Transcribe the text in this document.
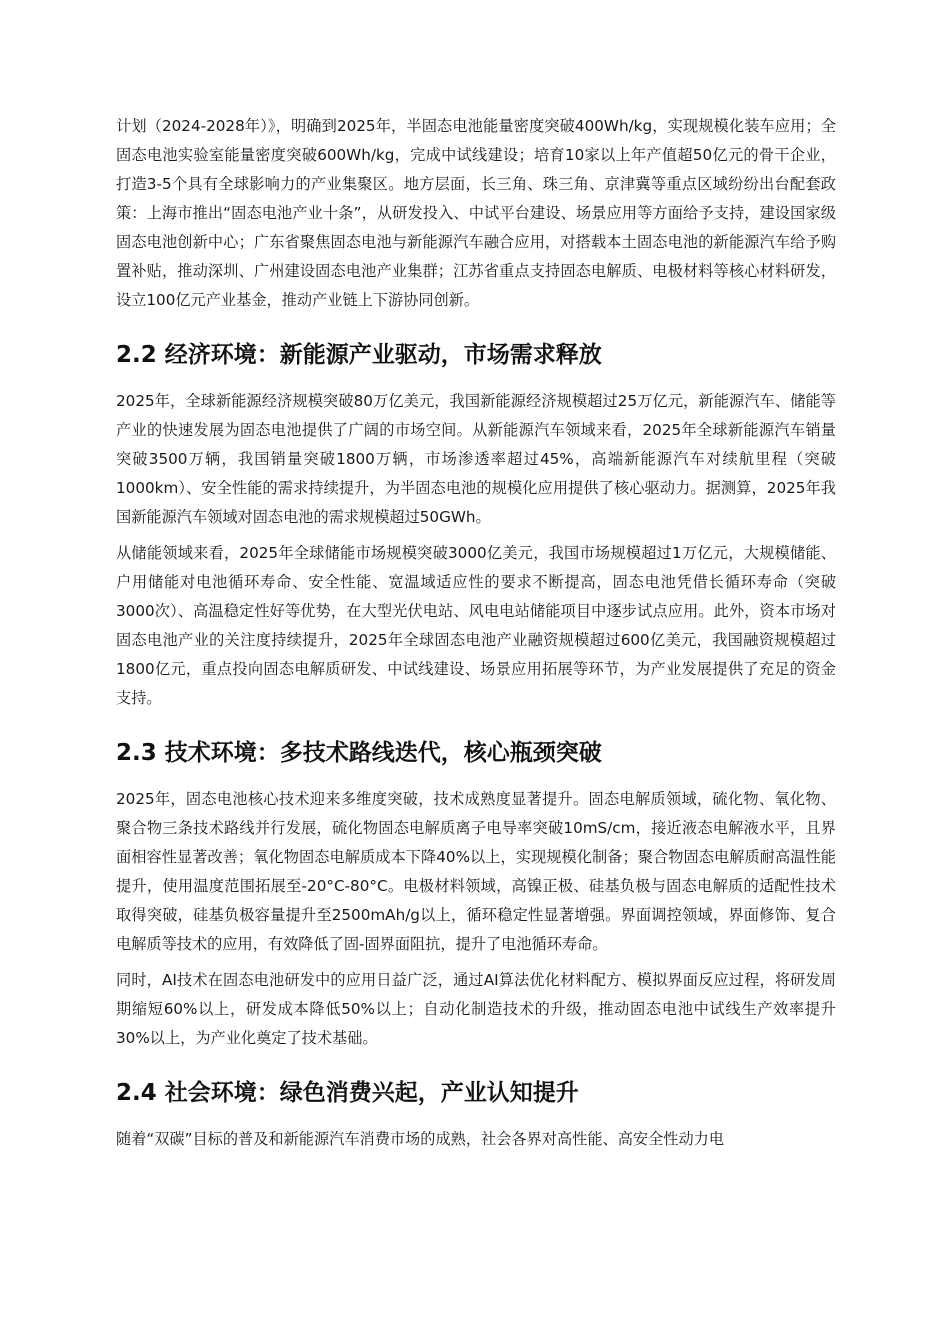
计划（2024-2028年）》，明确到2025年，半固态电池能量密度突破400Wh/kg，实现规模化装车应用；全固态电池实验室能量密度突破600Wh/kg，完成中试线建设；培育10家以上年产值超50亿元的骨干企业，打造3-5个具有全球影响力的产业集聚区。地方层面，长三角、珠三角、京津冀等重点区域纷纷出台配套政策：上海市推出“固态电池产业十条”，从研发投入、中试平台建设、场景应用等方面给予支持，建设国家级固态电池创新中心；广东省聚焦固态电池与新能源汽车融合应用，对搭载本土固态电池的新能源汽车给予购置补贴，推动深圳、广州建设固态电池产业集群；江苏省重点支持固态电解质、电极材料等核心材料研发，设立100亿元产业基金，推动产业链上下游协同创新。

2.2 经济环境：新能源产业驱动，市场需求释放

2025年，全球新能源经济规模突破80万亿美元，我国新能源经济规模超过25万亿元，新能源汽车、储能等产业的快速发展为固态电池提供了广阔的市场空间。从新能源汽车领域来看，2025年全球新能源汽车销量突破3500万辆，我国销量突破1800万辆，市场渗透率超过45%，高端新能源汽车对续航里程（突破1000km）、安全性能的需求持续提升，为半固态电池的规模化应用提供了核心驱动力。据测算，2025年我国新能源汽车领域对固态电池的需求规模超过50GWh。

从储能领域来看，2025年全球储能市场规模突破3000亿美元，我国市场规模超过1万亿元，大规模储能、户用储能对电池循环寿命、安全性能、宽温域适应性的要求不断提高，固态电池凭借长循环寿命（突破3000次）、高温稳定性好等优势，在大型光伏电站、风电电站储能项目中逐步试点应用。此外，资本市场对固态电池产业的关注度持续提升，2025年全球固态电池产业融资规模超过600亿美元，我国融资规模超过1800亿元，重点投向固态电解质研发、中试线建设、场景应用拓展等环节，为产业发展提供了充足的资金支持。

2.3 技术环境：多技术路线迭代，核心瓶颈突破

2025年，固态电池核心技术迎来多维度突破，技术成熟度显著提升。固态电解质领域，硫化物、氧化物、聚合物三条技术路线并行发展，硫化物固态电解质离子电导率突破10mS/cm，接近液态电解液水平，且界面相容性显著改善；氧化物固态电解质成本下降40%以上，实现规模化制备；聚合物固态电解质耐高温性能提升，使用温度范围拓展至-20°C-80°C。电极材料领域，高镍正极、硅基负极与固态电解质的适配性技术取得突破，硅基负极容量提升至2500mAh/g以上，循环稳定性显著增强。界面调控领域，界面修饰、复合电解质等技术的应用，有效降低了固-固界面阻抗，提升了电池循环寿命。

同时，AI技术在固态电池研发中的应用日益广泛，通过AI算法优化材料配方、模拟界面反应过程，将研发周期缩短60%以上，研发成本降低50%以上；自动化制造技术的升级，推动固态电池中试线生产效率提升30%以上，为产业化奠定了技术基础。

2.4 社会环境：绿色消费兴起，产业认知提升

随着“双碳”目标的普及和新能源汽车消费市场的成熟，社会各界对高性能、高安全性动力电
